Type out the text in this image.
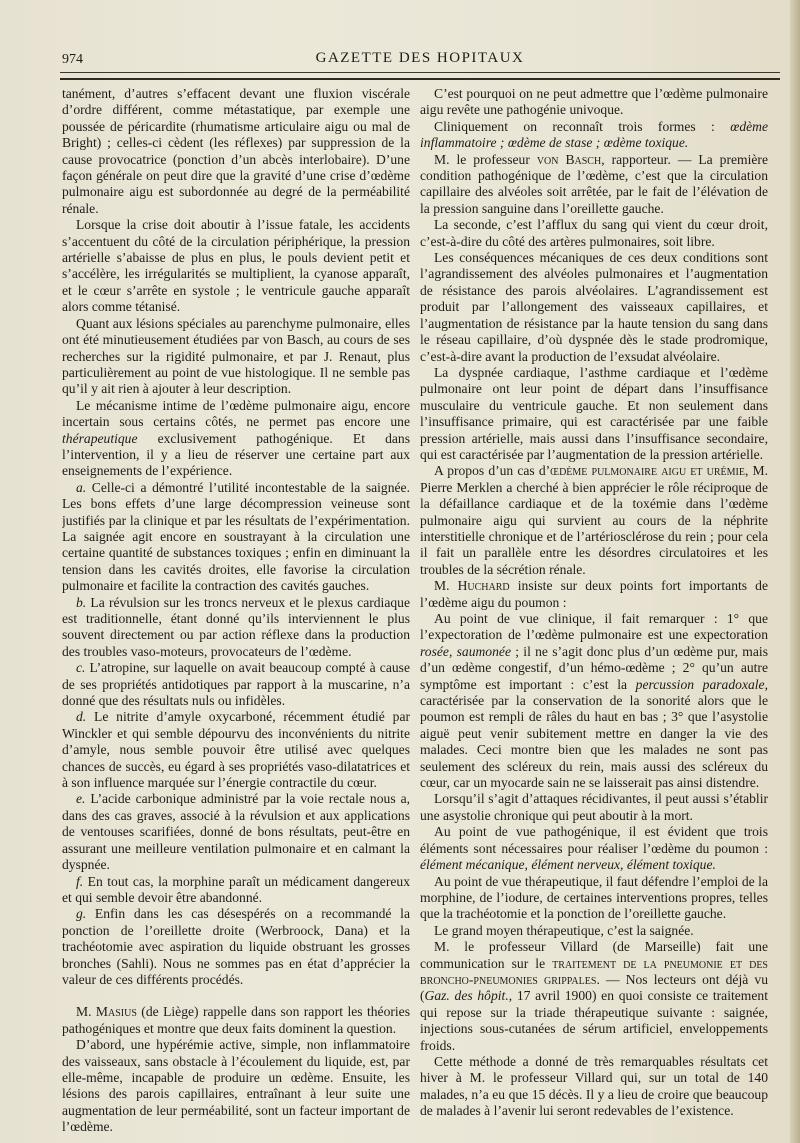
974	GAZETTE DES HOPITAUX

tanément, d’autres s’effacent devant une fluxion viscérale d’ordre différent, comme métastatique, par exemple une poussée de péricardite (rhumatisme articulaire aigu ou mal de Bright) ; celles-ci cèdent (les réflexes) par suppression de la cause provocatrice (ponction d’un abcès interlobaire). D’une façon générale on peut dire que la gravité d’une crise d’œdème pulmonaire aigu est subordonnée au degré de la perméabilité rénale.

Lorsque la crise doit aboutir à l’issue fatale, les accidents s’accentuent du côté de la circulation périphérique, la pression artérielle s’abaisse de plus en plus, le pouls devient petit et s’accélère, les irrégularités se multiplient, la cyanose apparaît, et le cœur s’arrête en systole ; le ventricule gauche apparaît alors comme tétanisé.

Quant aux lésions spéciales au parenchyme pulmonaire, elles ont été minutieusement étudiées par von Basch, au cours de ses recherches sur la rigidité pulmonaire, et par J. Renaut, plus particulièrement au point de vue histologique. Il ne semble pas qu’il y ait rien à ajouter à leur description.

Le mécanisme intime de l’œdème pulmonaire aigu, encore incertain sous certains côtés, ne permet pas encore une thérapeutique exclusivement pathogénique. Et dans l’intervention, il y a lieu de réserver une certaine part aux enseignements de l’expérience.

a. Celle-ci a démontré l’utilité incontestable de la saignée. Les bons effets d’une large décompression veineuse sont justifiés par la clinique et par les résultats de l’expérimentation. La saignée agit encore en soustrayant à la circulation une certaine quantité de substances toxiques ; enfin en diminuant la tension dans les cavités droites, elle favorise la circulation pulmonaire et facilite la contraction des cavités gauches.

b. La révulsion sur les troncs nerveux et le plexus cardiaque est traditionnelle, étant donné qu’ils interviennent le plus souvent directement ou par action réflexe dans la production des troubles vaso-moteurs, provocateurs de l’œdème.

c. L’atropine, sur laquelle on avait beaucoup compté à cause de ses propriétés antidotiques par rapport à la muscarine, n’a donné que des résultats nuls ou infidèles.

d. Le nitrite d’amyle oxycarboné, récemment étudié par Winckler et qui semble dépourvu des inconvénients du nitrite d’amyle, nous semble pouvoir être utilisé avec quelques chances de succès, eu égard à ses propriétés vaso-dilatatrices et à son influence marquée sur l’énergie contractile du cœur.

e. L’acide carbonique administré par la voie rectale nous a, dans des cas graves, associé à la révulsion et aux applications de ventouses scarifiées, donné de bons résultats, peut-être en assurant une meilleure ventilation pulmonaire et en calmant la dyspnée.

f. En tout cas, la morphine paraît un médicament dangereux et qui semble devoir être abandonné.

g. Enfin dans les cas désespérés on a recommandé la ponction de l’oreillette droite (Werbroock, Dana) et la trachéotomie avec aspiration du liquide obstruant les grosses bronches (Sahli). Nous ne sommes pas en état d’apprécier la valeur de ces différents procédés.

M. Masius (de Liège) rappelle dans son rapport les théories pathogéniques et montre que deux faits dominent la question.

D’abord, une hypérémie active, simple, non inflammatoire des vaisseaux, sans obstacle à l’écoulement du liquide, est, par elle-même, incapable de produire un œdème. Ensuite, les lésions des parois capillaires, entraînant à leur suite une augmentation de leur perméabilité, sont un facteur important de l’œdème.

C’est pourquoi on ne peut admettre que l’œdème pulmonaire aigu revête une pathogénie univoque.

Cliniquement on reconnaît trois formes : œdème inflammatoire ; œdème de stase ; œdème toxique.

M. le professeur von Basch, rapporteur. — La première condition pathogénique de l’œdème, c’est que la circulation capillaire des alvéoles soit arrêtée, par le fait de l’élévation de la pression sanguine dans l’oreillette gauche.

La seconde, c’est l’afflux du sang qui vient du cœur droit, c’est-à-dire du côté des artères pulmonaires, soit libre.

Les conséquences mécaniques de ces deux conditions sont l’agrandissement des alvéoles pulmonaires et l’augmentation de résistance des parois alvéolaires. L’agrandissement est produit par l’allongement des vaisseaux capillaires, et l’augmentation de résistance par la haute tension du sang dans le réseau capillaire, d’où dyspnée dès le stade prodromique, c’est-à-dire avant la production de l’exsudat alvéolaire.

La dyspnée cardiaque, l’asthme cardiaque et l’œdème pulmonaire ont leur point de départ dans l’insuffisance musculaire du ventricule gauche. Et non seulement dans l’insuffisance primaire, qui est caractérisée par une faible pression artérielle, mais aussi dans l’insuffisance secondaire, qui est caractérisée par l’augmentation de la pression artérielle.

A propos d’un cas d’œdème pulmonaire aigu et urémie, M. Pierre Merklen a cherché à bien apprécier le rôle réciproque de la défaillance cardiaque et de la toxémie dans l’œdème pulmonaire aigu qui survient au cours de la néphrite interstitielle chronique et de l’artériosclérose du rein ; pour cela il fait un parallèle entre les désordres circulatoires et les troubles de la sécrétion rénale.

M. Huchard insiste sur deux points fort importants de l’œdème aigu du poumon :

Au point de vue clinique, il fait remarquer : 1° que l’expectoration de l’œdème pulmonaire est une expectoration rosée, saumonée ; il ne s’agit donc plus d’un œdème pur, mais d’un œdème congestif, d’un hémo-œdème ; 2° qu’un autre symptôme est important : c’est la percussion paradoxale, caractérisée par la conservation de la sonorité alors que le poumon est rempli de râles du haut en bas ; 3° que l’asystolie aiguë peut venir subitement mettre en danger la vie des malades. Ceci montre bien que les malades ne sont pas seulement des scléreux du rein, mais aussi des scléreux du cœur, car un myocarde sain ne se laisserait pas ainsi distendre.

Lorsqu’il s’agit d’attaques récidivantes, il peut aussi s’établir une asystolie chronique qui peut aboutir à la mort.

Au point de vue pathogénique, il est évident que trois éléments sont nécessaires pour réaliser l’œdème du poumon : élément mécanique, élément nerveux, élément toxique.

Au point de vue thérapeutique, il faut défendre l’emploi de la morphine, de l’iodure, de certaines interventions propres, telles que la trachéotomie et la ponction de l’oreillette gauche.

Le grand moyen thérapeutique, c’est la saignée.

M. le professeur Villard (de Marseille) fait une communication sur le traitement de la pneumonie et des broncho-pneumonies grippales. — Nos lecteurs ont déjà vu (Gaz. des hôpit., 17 avril 1900) en quoi consiste ce traitement qui repose sur la triade thérapeutique suivante : saignée, injections sous-cutanées de sérum artificiel, enveloppements froids.

Cette méthode a donné de très remarquables résultats cet hiver à M. le professeur Villard qui, sur un total de 140 malades, n’a eu que 15 décès. Il y a lieu de croire que beaucoup de malades à l’avenir lui seront redevables de l’existence.
